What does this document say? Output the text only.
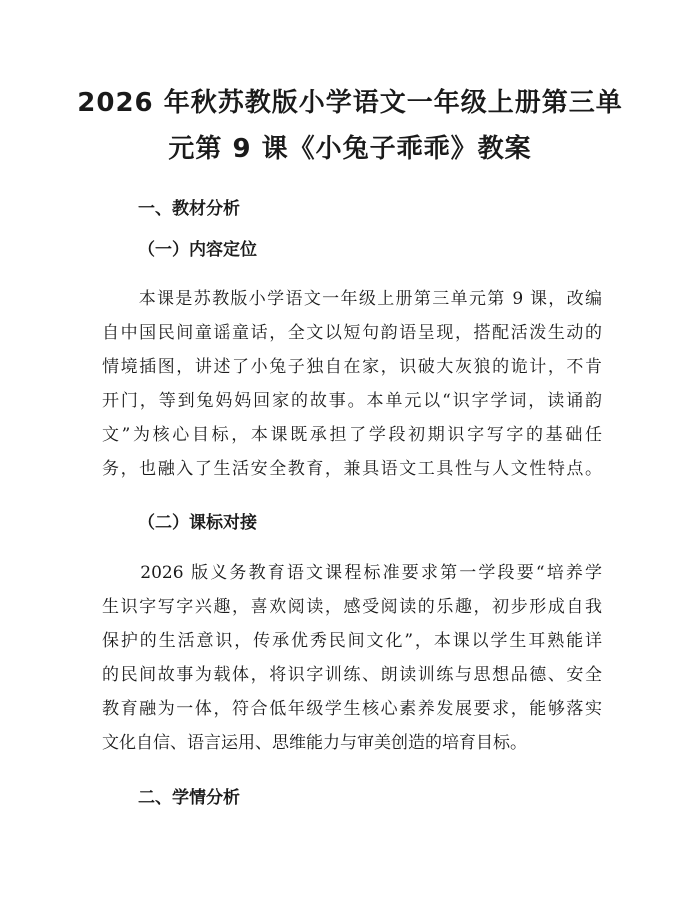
2026 年秋苏教版小学语文一年级上册第三单
元第 9 课《小兔子乖乖》教案
一、教材分析
（一）内容定位
　　本课是苏教版小学语文一年级上册第三单元第 9 课，改编
自中国民间童谣童话，全文以短句韵语呈现，搭配活泼生动的
情境插图，讲述了小兔子独自在家，识破大灰狼的诡计，不肯
开门，等到兔妈妈回家的故事。本单元以“识字学词，读诵韵
文”为核心目标，本课既承担了学段初期识字写字的基础任
务，也融入了生活安全教育，兼具语文工具性与人文性特点。
（二）课标对接
　　2026 版义务教育语文课程标准要求第一学段要“培养学
生识字写字兴趣，喜欢阅读，感受阅读的乐趣，初步形成自我
保护的生活意识，传承优秀民间文化”，本课以学生耳熟能详
的民间故事为载体，将识字训练、朗读训练与思想品德、安全
教育融为一体，符合低年级学生核心素养发展要求，能够落实
文化自信、语言运用、思维能力与审美创造的培育目标。
二、学情分析
